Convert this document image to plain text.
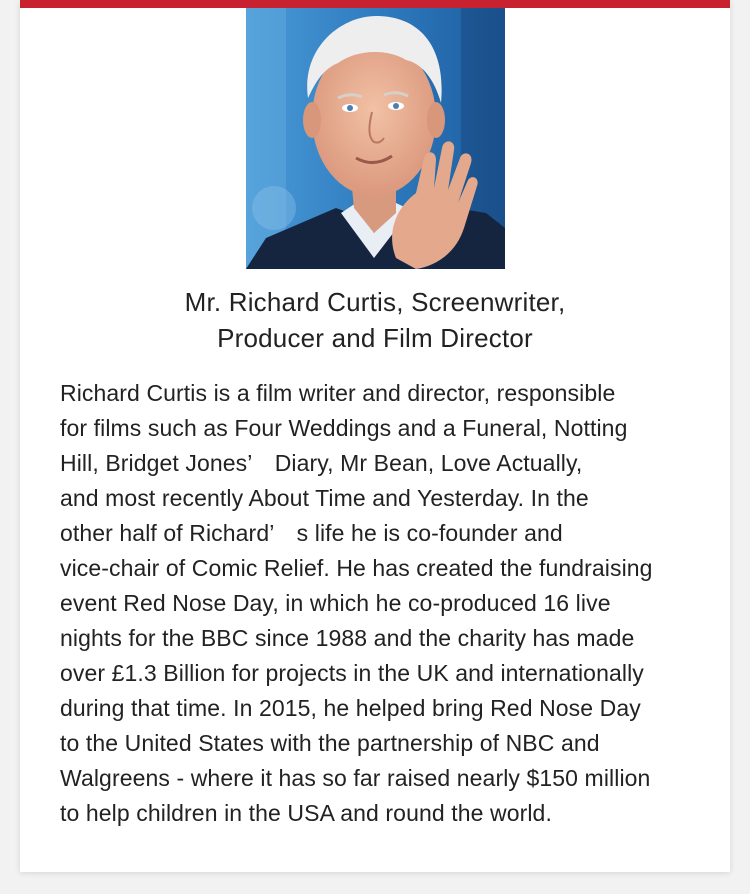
Mr. Richard Curtis, Screenwriter,
Producer and Film Director
Richard Curtis is a film writer and director, responsible
for films such as Four Weddings and a Funeral, Notting
Hill, Bridget Jones’　Diary, Mr Bean, Love Actually,
and most recently About Time and Yesterday. In the
other half of Richard’　s life he is co-founder and
vice-chair of Comic Relief. He has created the fundraising
event Red Nose Day, in which he co-produced 16 live
nights for the BBC since 1988 and the charity has made
over £1.3 Billion for projects in the UK and internationally
during that time. In 2015, he helped bring Red Nose Day
to the United States with the partnership of NBC and
Walgreens - where it has so far raised nearly $150 million
to help children in the USA and round the world.
